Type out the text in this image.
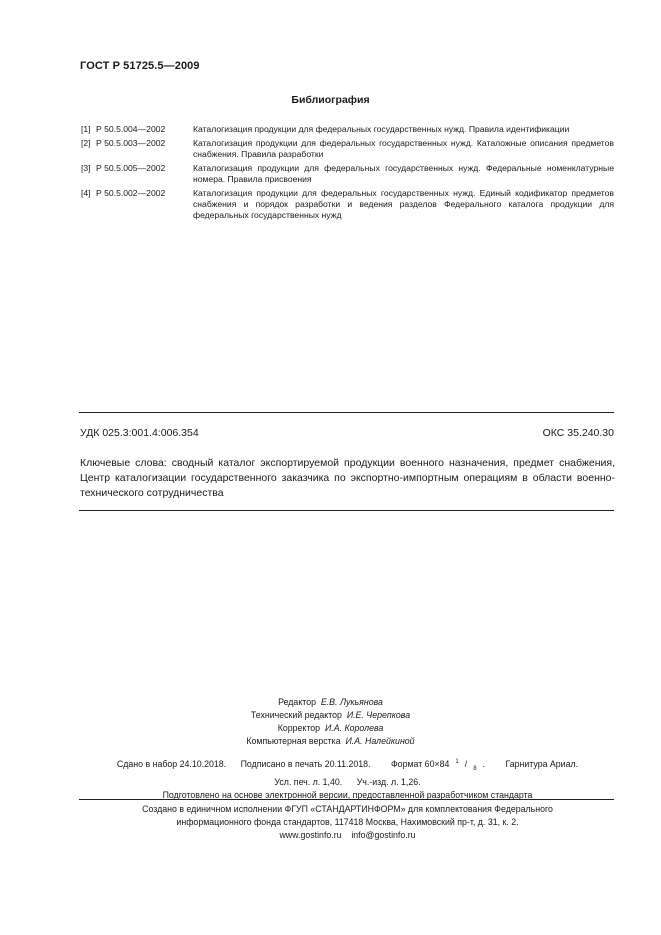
ГОСТ Р 51725.5—2009
Библиография
[1] Р 50.5.004—2002	Каталогизация продукции для федеральных государственных нужд. Правила идентификации
[2] Р 50.5.003—2002	Каталогизация продукции для федеральных государственных нужд. Каталожные описания предметов снабжения. Правила разработки
[3] Р 50.5.005—2002	Каталогизация продукции для федеральных государственных нужд. Федеральные номенклатурные номера. Правила присвоения
[4] Р 50.5.002—2002	Каталогизация продукции для федеральных государственных нужд. Единый кодификатор предметов снабжения и порядок разработки и ведения разделов Федерального каталога продукции для федеральных государственных нужд
УДК 025.3:001.4:006.354	ОКС 35.240.30
Ключевые слова: сводный каталог экспортируемой продукции военного назначения, предмет снабжения, Центр каталогизации государственного заказчика по экспортно-импортным операциям в области военно-технического сотрудничества
Редактор Е.В. Лукьянова
Технический редактор И.Е. Черепкова
Корректор И.А. Королева
Компьютерная верстка И.А. Налейкиной
Сдано в набор 24.10.2018. Подписано в печать 20.11.2018. Формат 60×84 $^1$ / $_8$ . Гарнитура Ариал.
Усл. печ. л. 1,40. Уч.-изд. л. 1,26.
Подготовлено на основе электронной версии, предоставленной разработчиком стандарта
Создано в единичном исполнении ФГУП «СТАНДАРТИНФОРМ» для комплектования Федерального
информационного фонда стандартов, 117418 Москва, Нахимовский пр-т, д. 31, к. 2.
www.gostinfo.ru info@gostinfo.ru
